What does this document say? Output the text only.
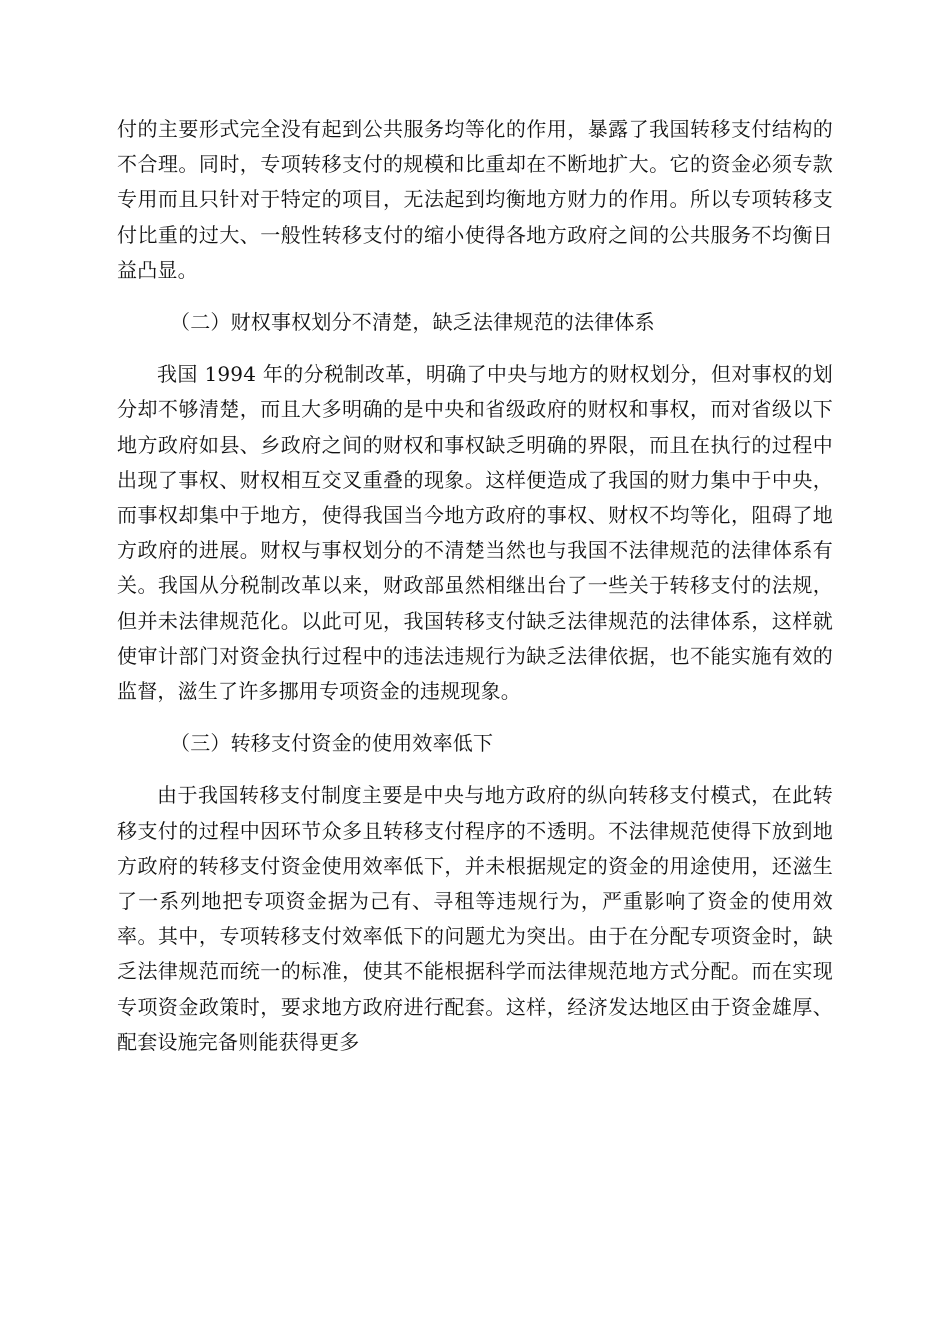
付的主要形式完全没有起到公共服务均等化的作用，暴露了我国转移支付结构的不合理。同时，专项转移支付的规模和比重却在不断地扩大。它的资金必须专款专用而且只针对于特定的项目，无法起到均衡地方财力的作用。所以专项转移支付比重的过大、一般性转移支付的缩小使得各地方政府之间的公共服务不均衡日益凸显。

（二）财权事权划分不清楚，缺乏法律规范的法律体系

我国 1994 年的分税制改革，明确了中央与地方的财权划分，但对事权的划分却不够清楚，而且大多明确的是中央和省级政府的财权和事权，而对省级以下地方政府如县、乡政府之间的财权和事权缺乏明确的界限，而且在执行的过程中出现了事权、财权相互交叉重叠的现象。这样便造成了我国的财力集中于中央，而事权却集中于地方，使得我国当今地方政府的事权、财权不均等化，阻碍了地方政府的进展。财权与事权划分的不清楚当然也与我国不法律规范的法律体系有关。我国从分税制改革以来，财政部虽然相继出台了一些关于转移支付的法规，但并未法律规范化。以此可见，我国转移支付缺乏法律规范的法律体系，这样就使审计部门对资金执行过程中的违法违规行为缺乏法律依据，也不能实施有效的监督，滋生了许多挪用专项资金的违规现象。

（三）转移支付资金的使用效率低下

由于我国转移支付制度主要是中央与地方政府的纵向转移支付模式，在此转移支付的过程中因环节众多且转移支付程序的不透明。不法律规范使得下放到地方政府的转移支付资金使用效率低下，并未根据规定的资金的用途使用，还滋生了一系列地把专项资金据为己有、寻租等违规行为，严重影响了资金的使用效率。其中，专项转移支付效率低下的问题尤为突出。由于在分配专项资金时，缺乏法律规范而统一的标准，使其不能根据科学而法律规范地方式分配。而在实现专项资金政策时，要求地方政府进行配套。这样，经济发达地区由于资金雄厚、配套设施完备则能获得更多
